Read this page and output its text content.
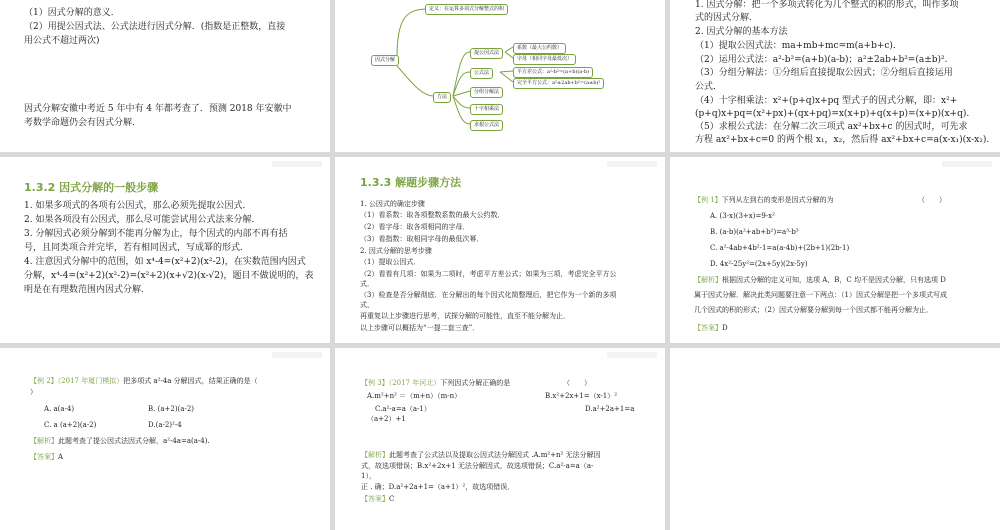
（1）因式分解的意义．
（2）用提公因式法、公式法进行因式分解．(指数是正整数，直接
用公式不超过两次)
因式分解安徽中考近 5 年中有 4 年都考查了．预测 2018 年安徽中
考数学命题仍会有因式分解．
定义：在运算多项式分解整式的积
因式分解
方法
提公因式法
公式法
分组分解法
十字相乘法
求根公式法
系数（最大公约数）
字母（相同字母最低次）
平方差公式：a²-b²=(a+b)(a-b)
完全平方公式：a²±2ab+b²=(a±b)²
1. 因式分解：把一个多项式转化为几个整式的积的形式，叫作多项
式的因式分解．
2. 因式分解的基本方法
（1）提取公因式法：ma+mb+mc=m(a+b+c).
（2）运用公式法：a²-b²=(a+b)(a-b)；a²±2ab+b²=(a±b)².
（3）分组分解法：①分组后直接提取公因式；②分组后直接运用
公式．
（4）十字相乘法：x²+(p+q)x+pq 型式子的因式分解，即：x²+
(p+q)x+pq=(x²+px)+(qx+pq)=x(x+p)+q(x+p)=(x+p)(x+q).
（5）求根公式法：在分解二次三项式 ax²+bx+c 的因式时，可先求
方程 ax²+bx+c=0 的两个根 x₁，x₂，然后得 ax²+bx+c=a(x-x₁)(x-x₂).
1.3.2 因式分解的一般步骤
1. 如果多项式的各项有公因式，那么必须先提取公因式．
2. 如果各项没有公因式，那么尽可能尝试用公式法来分解．
3. 分解因式必须分解到不能再分解为止，每个因式的内部不再有括
号，且同类项合并完毕，若有相同因式，写成幂的形式．
4. 注意因式分解中的范围，如 x⁴-4=(x²+2)(x²-2)，在实数范围内因式
分解，x⁴-4=(x²+2)(x²-2)=(x²+2)(x+√2)(x-√2)，题目不做说明的，表
明是在有理数范围内因式分解．
1.3.3 解题步骤方法
1. 公因式的确定步骤
（1）看系数：取各项整数系数的最大公约数．
（2）看字母：取各项相同的字母．
（3）看指数：取相同字母的最低次幂．
2. 因式分解的思考步骤
（1）提取公因式．
（2）看看有几项：如果为二项时，考虑平方差公式；如果为三项，考虑完全平方公
式．
（3）检查是否分解彻底．在分解出的每个因式化简整理后，把它作为一个新的多项
式，
再重复以上步骤进行思考，试探分解的可能性，直至不能分解为止．
以上步骤可以概括为“一提二套三查”．
【例 1】下列从左到右的变形是因式分解的为	（　　）
A. (3-x)(3+x)=9-x²
B. (a-b)(a²+ab+b²)=a³-b³
C. a²-4ab+4b²-1=a(a-4b)+(2b+1)(2b-1)
D. 4x²-25y²=(2x+5y)(2x-5y)
【解析】根据因式分解的定义可知，选项 A，B，C 均不是因式分解，只有选项 D
属于因式分解．解决此类问题要注意一下两点：（1）因式分解是把一个多项式写成
几个因式的积的形式；（2）因式分解要分解到每一个因式都不能再分解为止．
【答案】D
【例 2】（2017 年厦门模拟）把多项式 a²-4a 分解因式，结果正确的是（
）
A. a(a-4)	B. (a+2)(a-2)
C. a (a+2)(a-2)	D.(a-2)²-4
【解析】此题考查了提公因式法因式分解，a²-4a=a(a-4).
【答案】A
【例 3】（2017 年河北）下列因式分解正确的是	（　　）
A.m²+n² ＝（m+n）（m-n）	B.x²+2x+1=（x-1）²
C.a²-a=a（a-1）	D.a²+2a+1=a
（a+2）+1
【解析】此题考查了公式法以及提取公因式法分解因式 .A.m²+n² 无法分解因
式，故选项错误；B.x²+2x+1 无法分解因式，故选项错误；C.a²-a=a（a-
1），
正 . 确；D.a²+2a+1=（a+1）²，故选项错误．
【答案】C
